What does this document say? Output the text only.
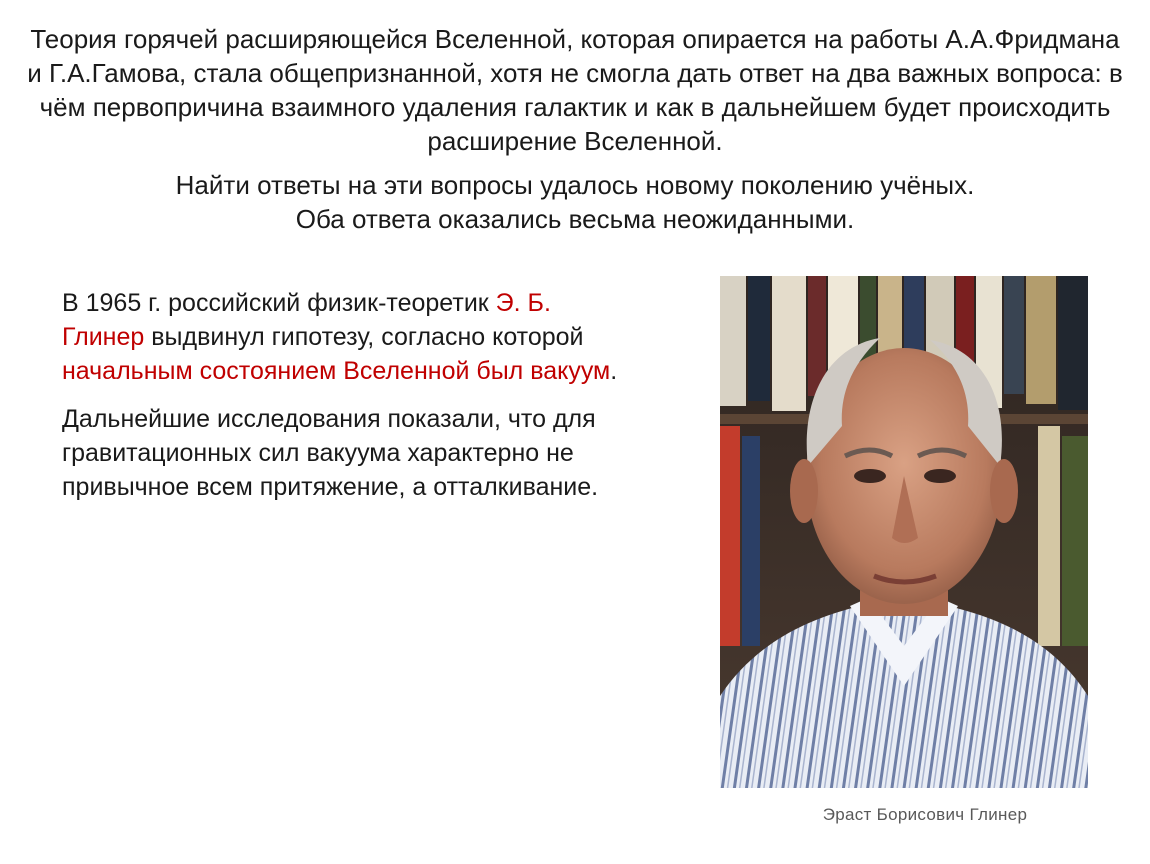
Теория горячей расширяющейся Вселенной, которая опирается на работы А.А.Фридмана и Г.А.Гамова, стала общепризнанной, хотя не смогла дать ответ на два важных вопроса: в чём первопричина взаимного удаления галактик и как в дальнейшем будет происходить расширение Вселенной.

Найти ответы на эти вопросы удалось новому поколению учёных.
Оба ответа оказались весьма неожиданными.

В 1965 г. российский физик-теоретик Э. Б. Глинер выдвинул гипотезу, согласно которой начальным состоянием Вселенной был вакуум.

Дальнейшие исследования показали, что для гравитационных сил вакуума характерно не привычное всем притяжение, а отталкивание.

Эраст Борисович Глинер
